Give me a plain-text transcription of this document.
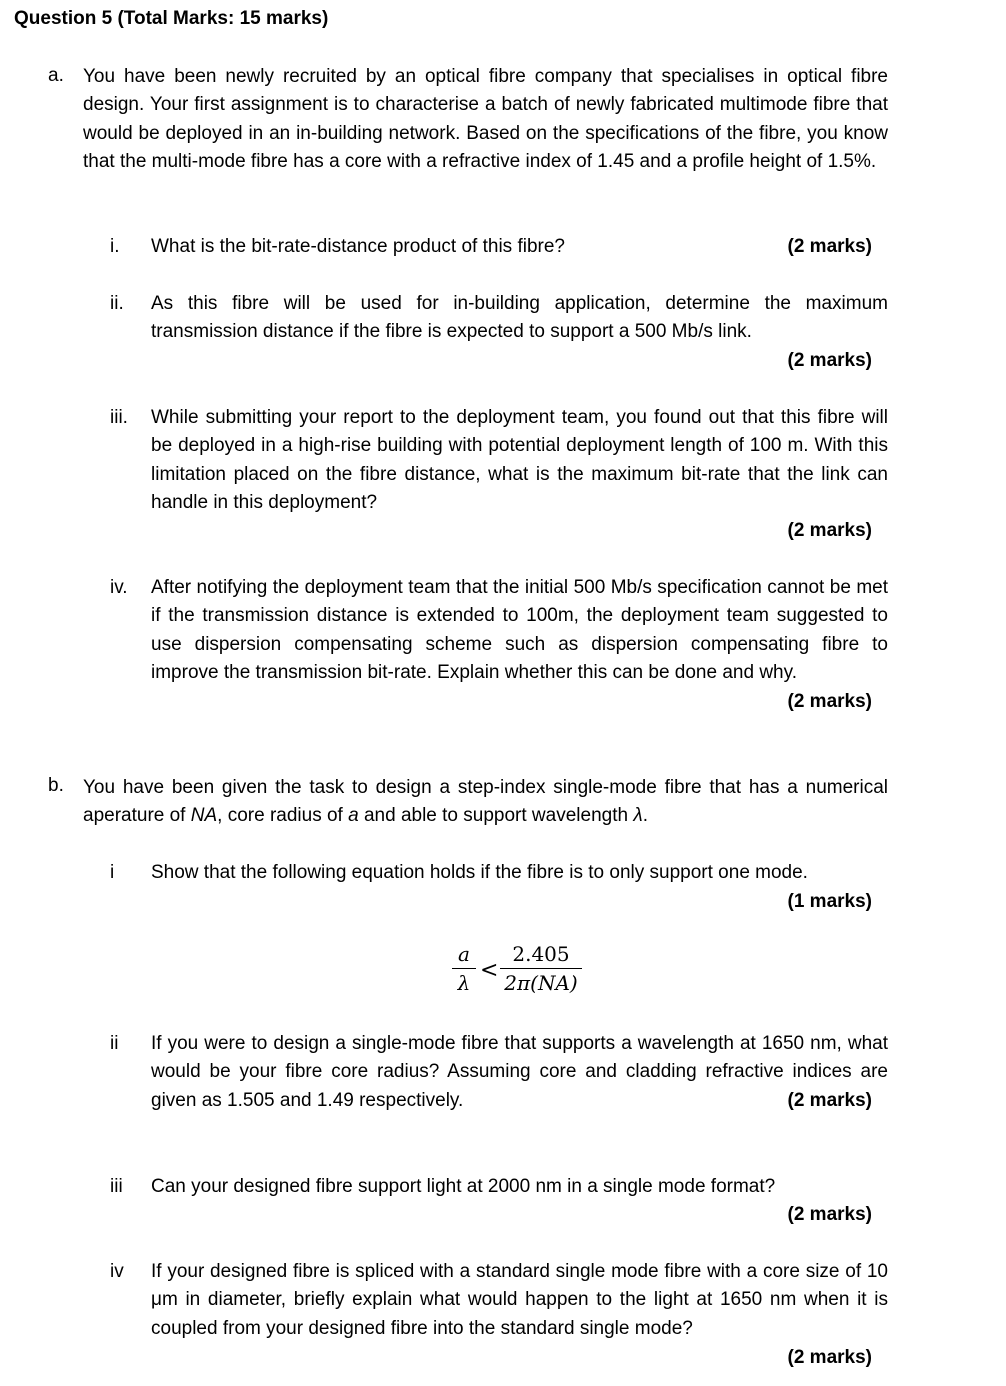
Question 5 (Total Marks: 15 marks)
a. You have been newly recruited by an optical fibre company that specialises in optical fibre design. Your first assignment is to characterise a batch of newly fabricated multimode fibre that would be deployed in an in-building network. Based on the specifications of the fibre, you know that the multi-mode fibre has a core with a refractive index of 1.45 and a profile height of 1.5%.
i. What is the bit-rate-distance product of this fibre?	(2 marks)
ii. As this fibre will be used for in-building application, determine the maximum transmission distance if the fibre is expected to support a 500 Mb/s link.
(2 marks)
iii. While submitting your report to the deployment team, you found out that this fibre will be deployed in a high-rise building with potential deployment length of 100 m. With this limitation placed on the fibre distance, what is the maximum bit-rate that the link can handle in this deployment?
(2 marks)
iv. After notifying the deployment team that the initial 500 Mb/s specification cannot be met if the transmission distance is extended to 100m, the deployment team suggested to use dispersion compensating scheme such as dispersion compensating fibre to improve the transmission bit-rate. Explain whether this can be done and why.
(2 marks)
b. You have been given the task to design a step-index single-mode fibre that has a numerical aperature of NA, core radius of a and able to support wavelength λ.
i Show that the following equation holds if the fibre is to only support one mode.
(1 marks)
a
λ <
2.405
2π(NA)
ii If you were to design a single-mode fibre that supports a wavelength at 1650 nm, what would be your fibre core radius? Assuming core and cladding refractive indices are given as 1.505 and 1.49 respectively.	(2 marks)
iii Can your designed fibre support light at 2000 nm in a single mode format?
(2 marks)
iv If your designed fibre is spliced with a standard single mode fibre with a core size of 10 μm in diameter, briefly explain what would happen to the light at 1650 nm when it is coupled from your designed fibre into the standard single mode?
(2 marks)
